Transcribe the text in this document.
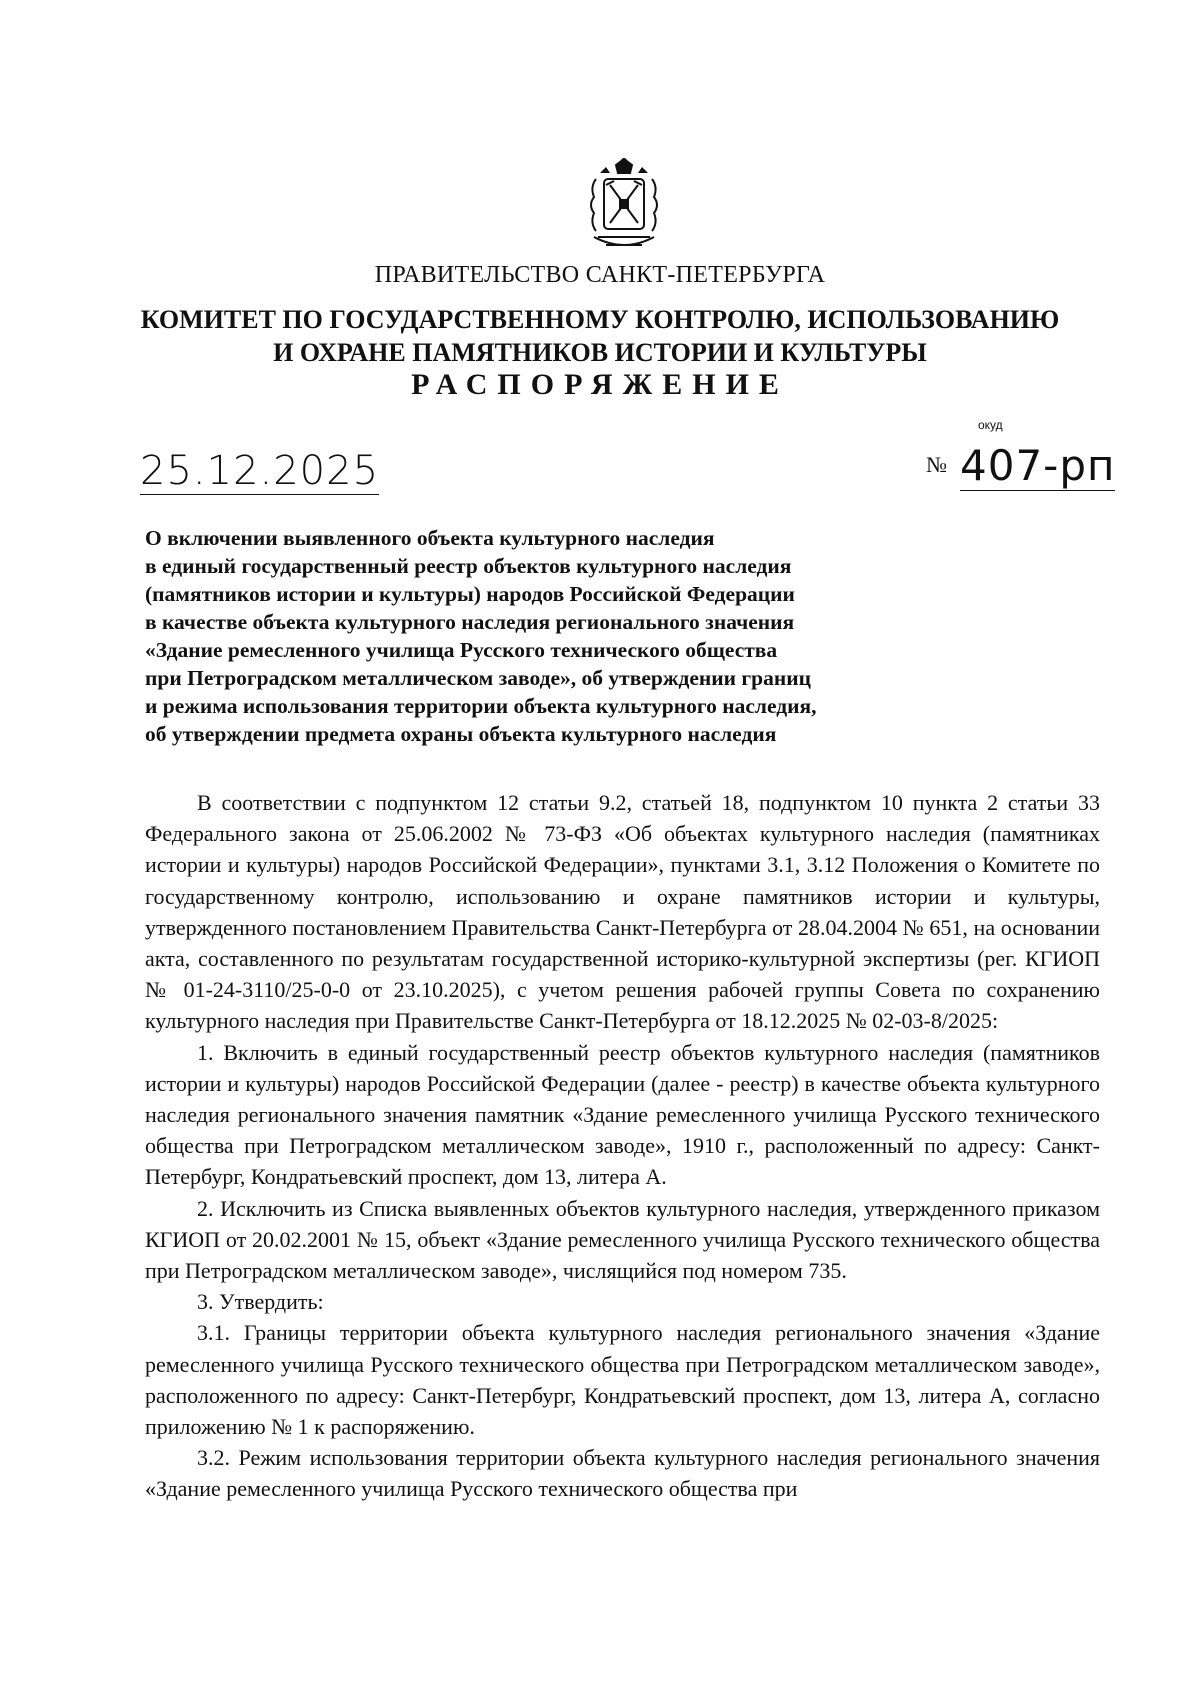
ПРАВИТЕЛЬСТВО САНКТ-ПЕТЕРБУРГА
КОМИТЕТ ПО ГОСУДАРСТВЕННОМУ КОНТРОЛЮ, ИСПОЛЬЗОВАНИЮ
И ОХРАНЕ ПАМЯТНИКОВ ИСТОРИИ И КУЛЬТУРЫ
РАСПОРЯЖЕНИЕ
окуд
25.12.2025	№ 407-рп
О включении выявленного объекта культурного наследия
в единый государственный реестр объектов культурного наследия
(памятников истории и культуры) народов Российской Федерации
в качестве объекта культурного наследия регионального значения
«Здание ремесленного училища Русского технического общества
при Петроградском металлическом заводе», об утверждении границ
и режима использования территории объекта культурного наследия,
об утверждении предмета охраны объекта культурного наследия

В соответствии с подпунктом 12 статьи 9.2, статьей 18, подпунктом 10 пункта 2 статьи 33 Федерального закона от 25.06.2002 № 73-ФЗ «Об объектах культурного наследия (памятниках истории и культуры) народов Российской Федерации», пунктами 3.1, 3.12 Положения о Комитете по государственному контролю, использованию и охране памятников истории и культуры, утвержденного постановлением Правительства Санкт-Петербурга от 28.04.2004 № 651, на основании акта, составленного по результатам государственной историко-культурной экспертизы (рег. КГИОП № 01-24-3110/25-0-0 от 23.10.2025), с учетом решения рабочей группы Совета по сохранению культурного наследия при Правительстве Санкт-Петербурга от 18.12.2025 № 02-03-8/2025:

1. Включить в единый государственный реестр объектов культурного наследия (памятников истории и культуры) народов Российской Федерации (далее - реестр) в качестве объекта культурного наследия регионального значения памятник «Здание ремесленного училища Русского технического общества при Петроградском металлическом заводе», 1910 г., расположенный по адресу: Санкт-Петербург, Кондратьевский проспект, дом 13, литера А.

2. Исключить из Списка выявленных объектов культурного наследия, утвержденного приказом КГИОП от 20.02.2001 № 15, объект «Здание ремесленного училища Русского технического общества при Петроградском металлическом заводе», числящийся под номером 735.

3. Утвердить:

3.1. Границы территории объекта культурного наследия регионального значения «Здание ремесленного училища Русского технического общества при Петроградском металлическом заводе», расположенного по адресу: Санкт-Петербург, Кондратьевский проспект, дом 13, литера А, согласно приложению № 1 к распоряжению.

3.2. Режим использования территории объекта культурного наследия регионального значения «Здание ремесленного училища Русского технического общества при
